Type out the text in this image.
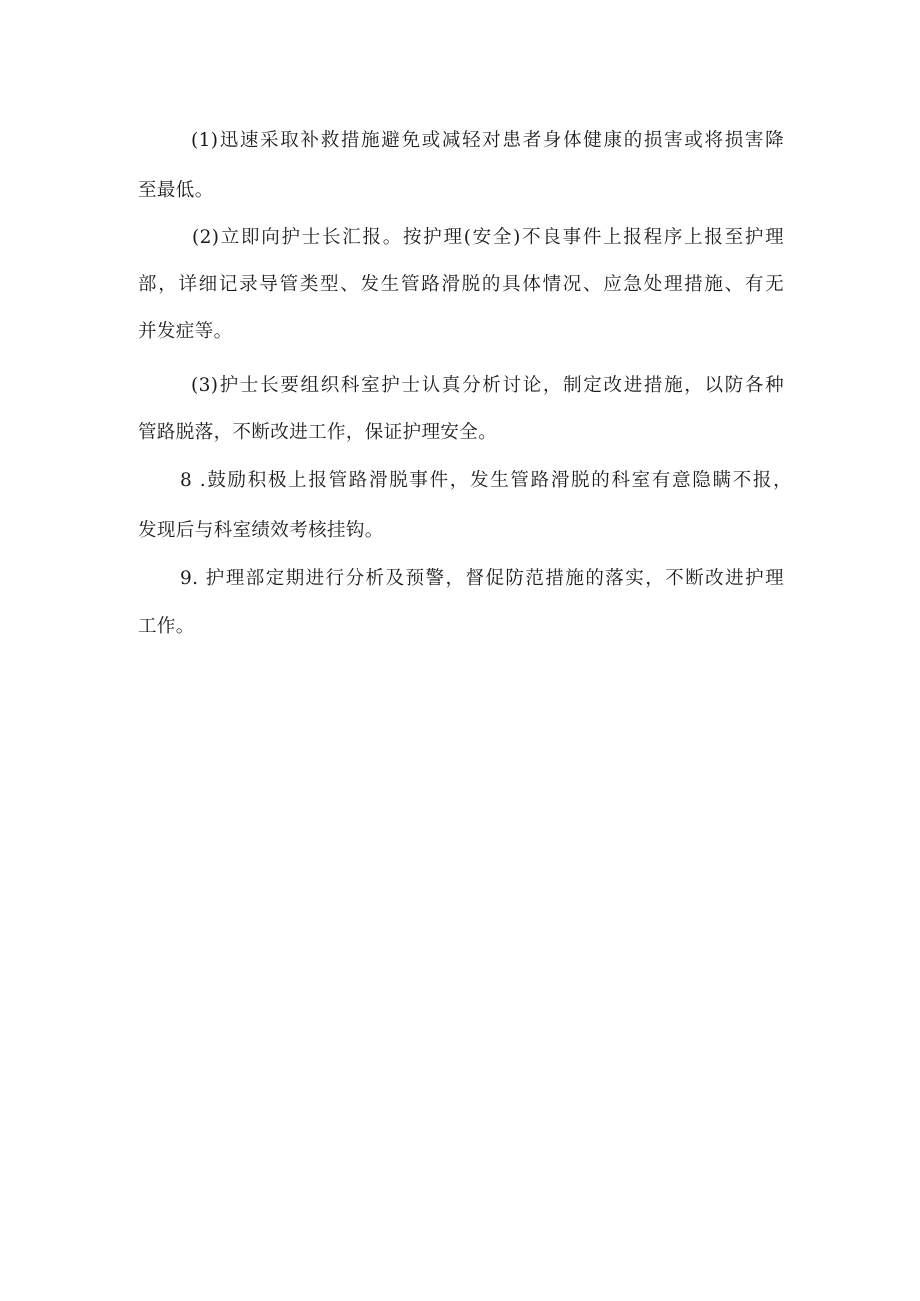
(1)迅速采取补救措施避免或减轻对患者身体健康的损害或将损害降
至最低。
(2)立即向护士长汇报。按护理(安全)不良事件上报程序上报至护理
部，详细记录导管类型、发生管路滑脱的具体情况、应急处理措施、有无
并发症等。
(3)护士长要组织科室护士认真分析讨论，制定改进措施，以防各种
管路脱落，不断改进工作，保证护理安全。
8 .鼓励积极上报管路滑脱事件，发生管路滑脱的科室有意隐瞒不报，
发现后与科室绩效考核挂钩。
9. 护理部定期进行分析及预警，督促防范措施的落实，不断改进护理
工作。
